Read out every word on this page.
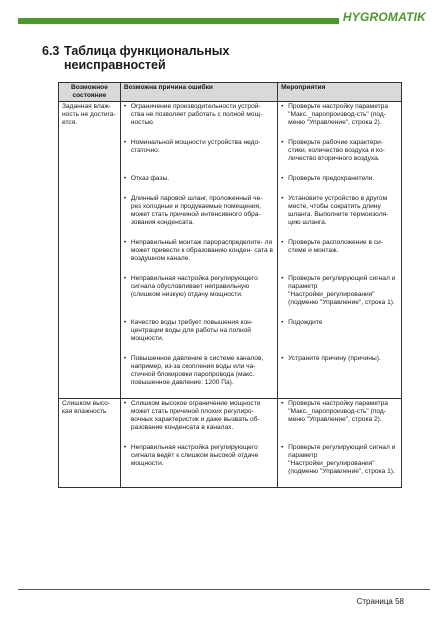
HYGROMATIK
6.3 Таблица функциональных
неисправностей
Возможное состояние	Возможна причина ошибки	Мероприятия

Заданная влаж- ность не достига- ется.	• Ограничение производительности устрой- ства не позволяет работать с полной мощ- ностью.	• Проверьте настройку параметра "Макс._паропроизвод-сть" (под- меню "Управление", строка 2).

	• Номинальной мощности устройства недо- статочно.	• Проверьте рабочие характери- стики, количество воздуха и ко- личество вторичного воздуха.

	• Отказ фазы.	• Проверьте предохранители.

	• Длинный паровой шланг, проложенный че- рез холодные и продуваемые помещения, может стать причиной интенсивного обра- зования конденсата.	• Установите устройство в другом месте, чтобы сократить длину шланга. Выполните термоизоля- цию шланга.

	• Неправильный монтаж парораспределите- ля может привести к образованию конден- сата в воздушном канале.	• Проверьте расположение в си- стеме и монтаж.

	• Неправильная настройка регулирующего сигнала обусловливает неправильную (слишком низкую) отдачу мощности.	• Проверьте регулирующий сигнал и параметр "Настройки_регулирования" (подменю "Управление", строка 1).

	• Качество воды требует повышения кон- центрации воды для работы на полной мощности.	• Подождите

	• Повышенное давление в системе каналов, например, из-за скопления воды или ча- стичной блокировки паропровода (макс. повышенное давление: 1200 Па).	• Устраните причину (причины).

Слишком высо- кая влажность	• Слишком высокое ограничение мощности может стать причиной плохих регулиро- вочных характеристик и даже вызвать об- разование конденсата в каналах.	• Проверьте настройку параметра "Макс._паропроизвод-сть" (под- меню "Управление", строка 2).

	• Неправильная настройка регулирующего сигнала ведёт к слишком высокой отдаче мощности.	• Проверьте регулирующий сигнал и параметр "Настройки_регулирования" (подменю "Управление", строка 1).
Страница 58
